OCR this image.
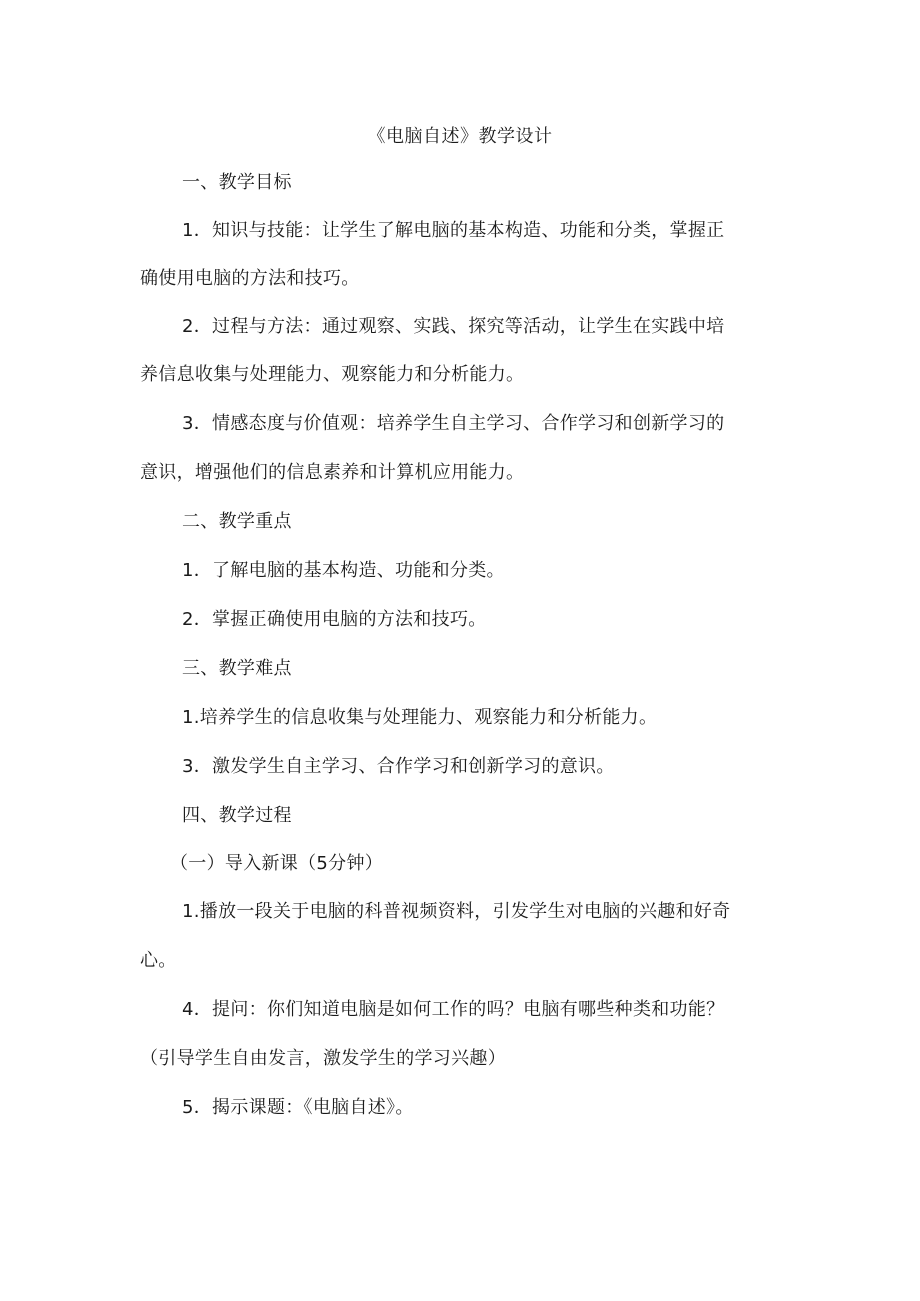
《电脑自述》教学设计
一、教学目标
1．知识与技能：让学生了解电脑的基本构造、功能和分类，掌握正
确使用电脑的方法和技巧。
2．过程与方法：通过观察、实践、探究等活动，让学生在实践中培
养信息收集与处理能力、观察能力和分析能力。
3．情感态度与价值观：培养学生自主学习、合作学习和创新学习的
意识，增强他们的信息素养和计算机应用能力。
二、教学重点
1．了解电脑的基本构造、功能和分类。
2．掌握正确使用电脑的方法和技巧。
三、教学难点
1.培养学生的信息收集与处理能力、观察能力和分析能力。
3．激发学生自主学习、合作学习和创新学习的意识。
四、教学过程
（一）导入新课（5分钟）
1.播放一段关于电脑的科普视频资料，引发学生对电脑的兴趣和好奇
心。
4．提问：你们知道电脑是如何工作的吗？电脑有哪些种类和功能？
（引导学生自由发言，激发学生的学习兴趣）
5．揭示课题：《电脑自述》。
